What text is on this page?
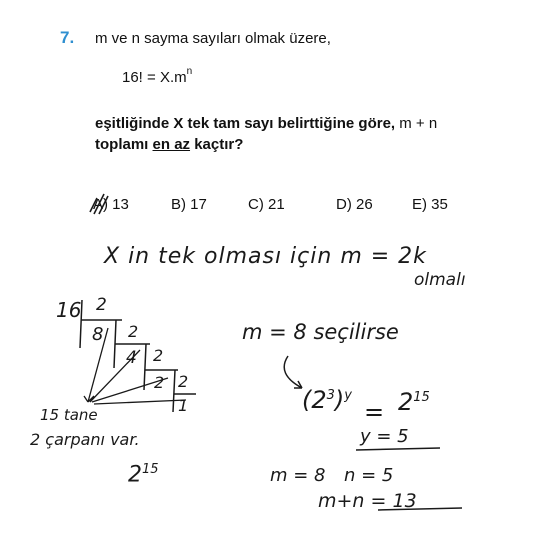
7. m ve n sayma sayıları olmak üzere,
16! = $X.m^n$
eşitliğinde X tek tam sayı belirttiğine göre, m + n
toplamı en az kaçtır?
A) 13	B) 17	C) 21	D) 26	E) 35
X in tek olması için m = 2k
olmalı
16 2
8 2
4 2
2 2
1
15 tane
2 çarpanı var.
$2^{15}$
m = 8 seçilirse
$(2^3)^y$
= $2^{15}$
y = 5
m = 8 n = 5
m+n = 13
